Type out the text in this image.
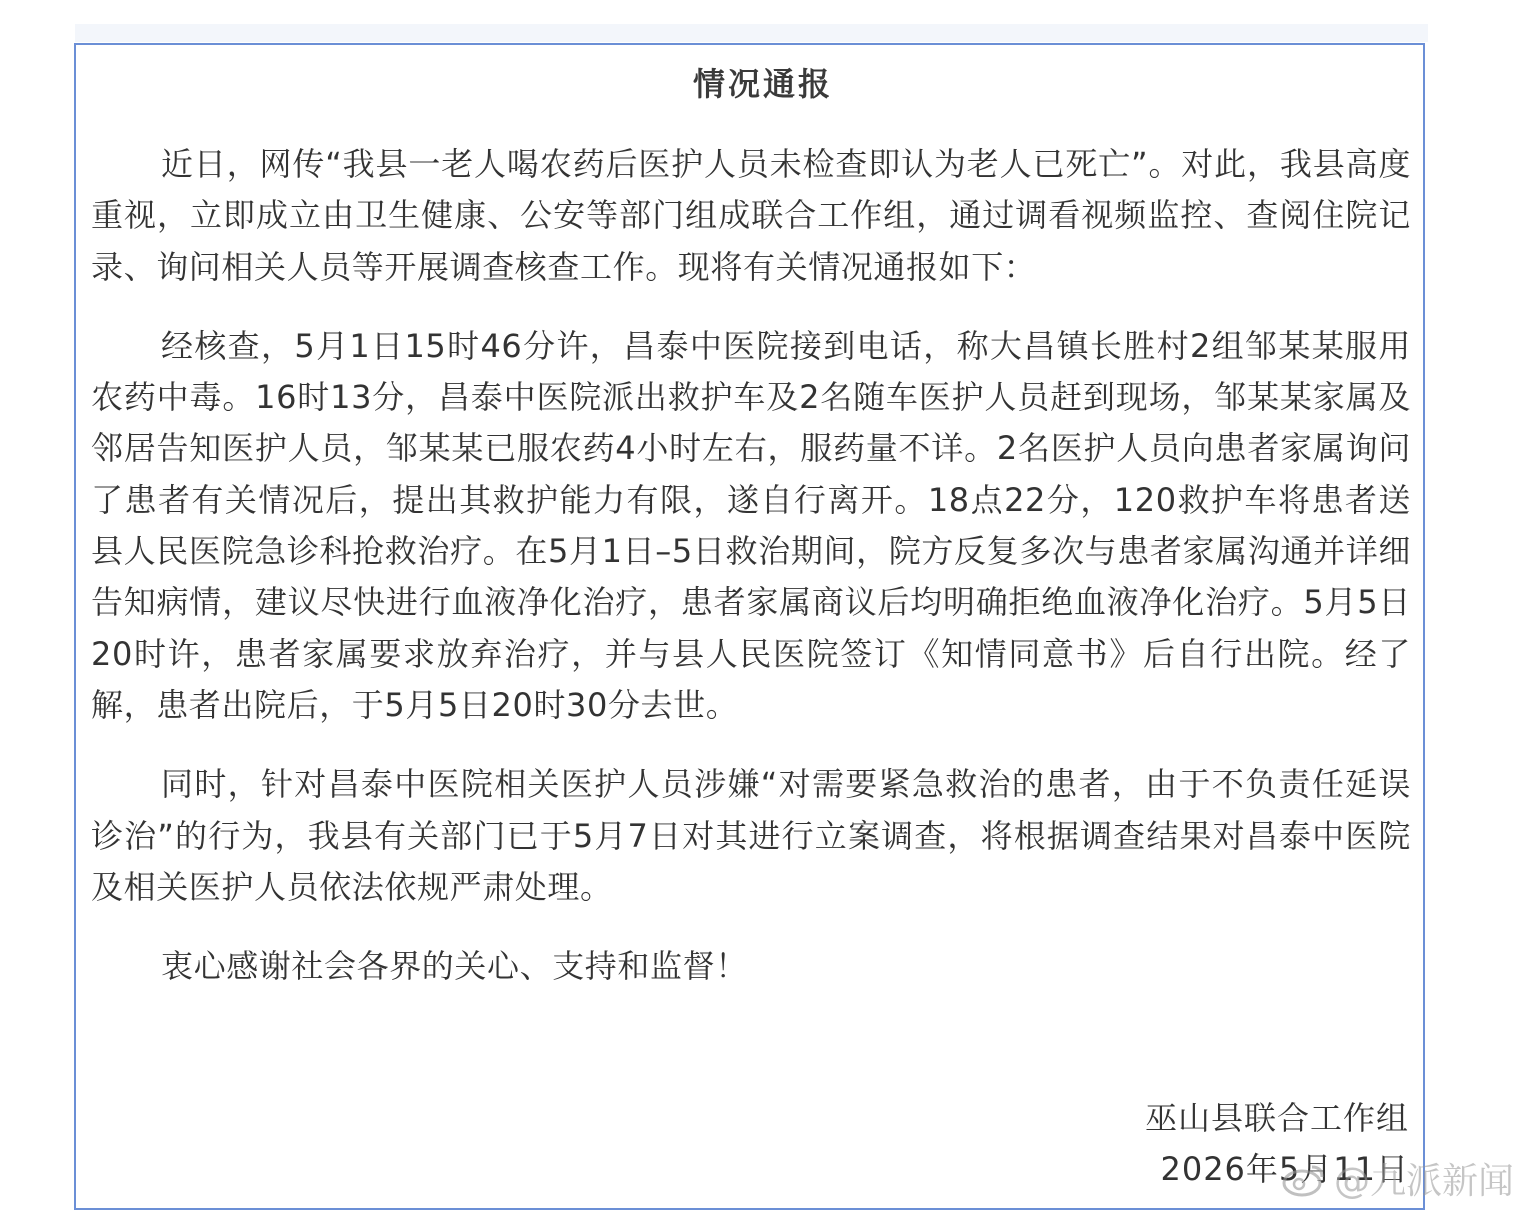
情况通报

近日，网传“我县一老人喝农药后医护人员未检查即认为老人已死亡”。对此，我县高度重视，立即成立由卫生健康、公安等部门组成联合工作组，通过调看视频监控、查阅住院记录、询问相关人员等开展调查核查工作。现将有关情况通报如下：

经核查，5月1日15时46分许，昌泰中医院接到电话，称大昌镇长胜村2组邹某某服用农药中毒。16时13分，昌泰中医院派出救护车及2名随车医护人员赶到现场，邹某某家属及邻居告知医护人员，邹某某已服农药4小时左右，服药量不详。2名医护人员向患者家属询问了患者有关情况后，提出其救护能力有限，遂自行离开。18点22分，120救护车将患者送县人民医院急诊科抢救治疗。在5月1日–5日救治期间，院方反复多次与患者家属沟通并详细告知病情，建议尽快进行血液净化治疗，患者家属商议后均明确拒绝血液净化治疗。5月5日20时许，患者家属要求放弃治疗，并与县人民医院签订《知情同意书》后自行出院。经了解，患者出院后，于5月5日20时30分去世。

同时，针对昌泰中医院相关医护人员涉嫌“对需要紧急救治的患者，由于不负责任延误诊治”的行为，我县有关部门已于5月7日对其进行立案调查，将根据调查结果对昌泰中医院及相关医护人员依法依规严肃处理。

衷心感谢社会各界的关心、支持和监督！

巫山县联合工作组
2026年5月11日
@九派新闻
